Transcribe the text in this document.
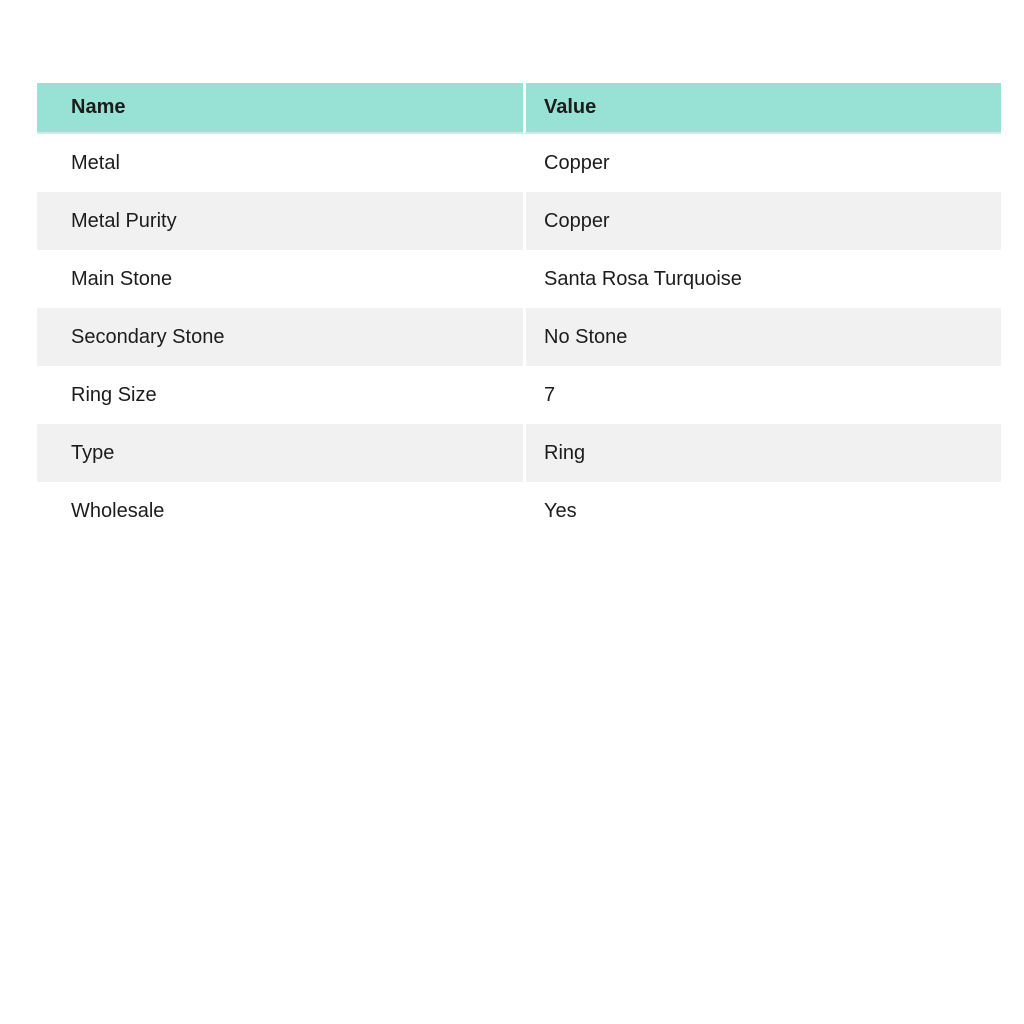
Name	Value
Metal	Copper
Metal Purity	Copper
Main Stone	Santa Rosa Turquoise
Secondary Stone	No Stone
Ring Size	7
Type	Ring
Wholesale	Yes
